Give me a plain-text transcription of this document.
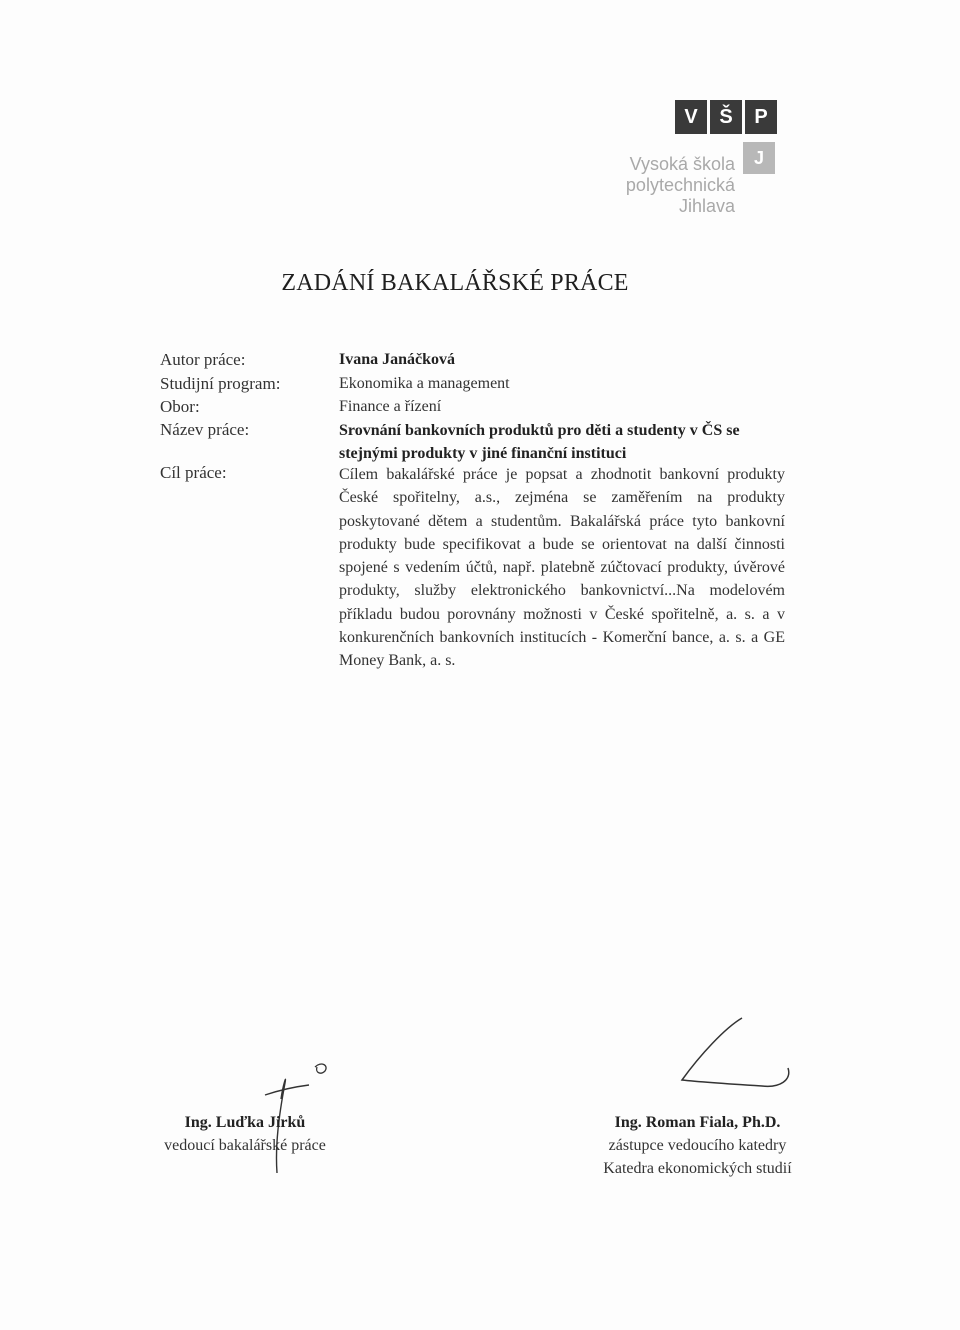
V	Š	P
J
Vysoká škola
polytechnická
Jihlava
ZADÁNÍ BAKALÁŘSKÉ PRÁCE
Autor práce:	Ivana Janáčková
Studijní program:	Ekonomika a management
Obor:	Finance a řízení
Název práce:	Srovnání bankovních produktů pro děti a studenty v ČS se stejnými produkty v jiné finanční instituci
Cíl práce:	Cílem bakalářské práce je popsat a zhodnotit bankovní produkty České spořitelny, a.s., zejména se zaměřením na produkty poskytované dětem a studentům. Bakalářská práce tyto bankovní produkty bude specifikovat a bude se orientovat na další činnosti spojené s vedením účtů, např. platebně zúčtovací produkty, úvěrové produkty, služby elektronického bankovnictví...Na modelovém příkladu budou porovnány možnosti v České spořitelně, a. s. a v konkurenčních bankovních institucích - Komerční bance, a. s. a GE Money Bank, a. s.
Ing. Luďka Jirků
vedoucí bakalářské práce
Ing. Roman Fiala, Ph.D.
zástupce vedoucího katedry
Katedra ekonomických studií
